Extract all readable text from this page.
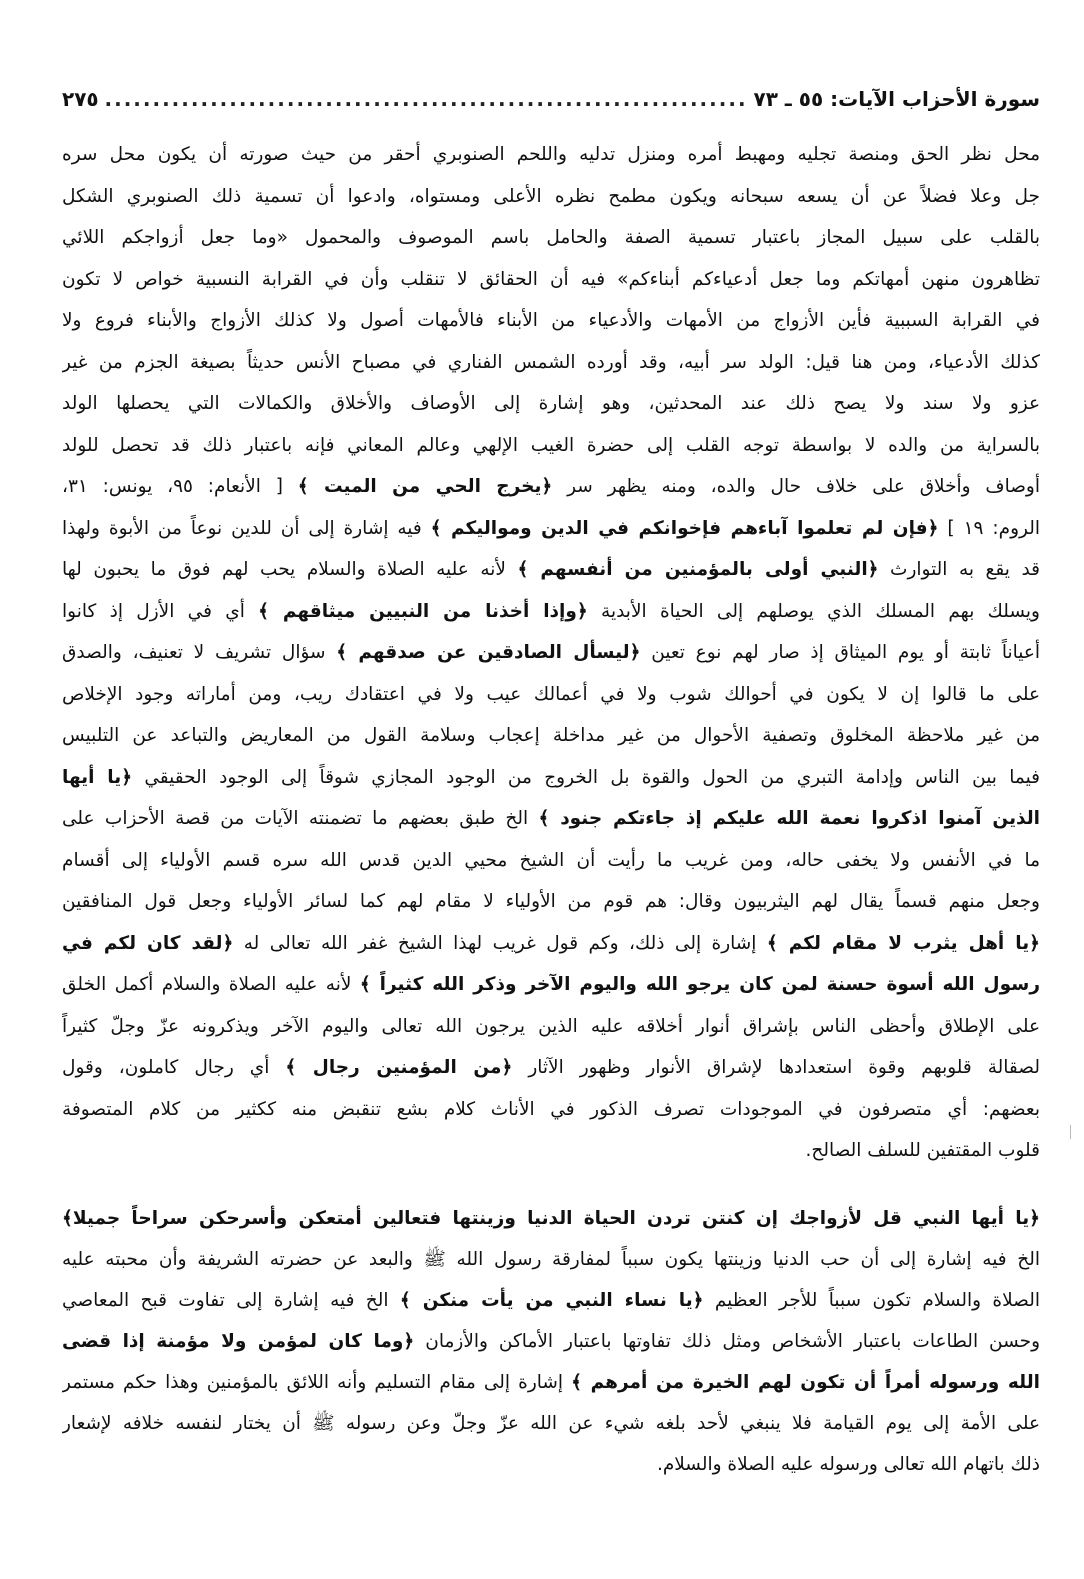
سورة الأحزاب الآيات: ٥٥ ـ ٧٣
.....
٢٧٥
محل نظر الحق ومنصة تجليه ومهبط أمره ومنزل تدليه واللحم الصنوبري أحقر من حيث صورته أن يكون محل سره
جل وعلا فضلاً عن أن يسعه سبحانه ويكون مطمح نظره الأعلى ومستواه، وادعوا أن تسمية ذلك الصنوبري الشكل
بالقلب على سبيل المجاز باعتبار تسمية الصفة والحامل باسم الموصوف والمحمول «وما جعل أزواجكم اللائي
تظاهرون منهن أمهاتكم وما جعل أدعياءكم أبناءكم» فيه أن الحقائق لا تنقلب وأن في القرابة النسبية خواص لا تكون
في القرابة السببية فأين الأزواج من الأمهات والأدعياء من الأبناء فالأمهات أصول ولا كذلك الأزواج والأبناء فروع ولا
كذلك الأدعياء، ومن هنا قيل: الولد سر أبيه، وقد أورده الشمس الفناري في مصباح الأنس حديثاً بصيغة الجزم من غير
عزو ولا سند ولا يصح ذلك عند المحدثين، وهو إشارة إلى الأوصاف والأخلاق والكمالات التي يحصلها الولد
بالسراية من والده لا بواسطة توجه القلب إلى حضرة الغيب الإلهي وعالم المعاني فإنه باعتبار ذلك قد تحصل للولد
أوصاف وأخلاق على خلاف حال والده، ومنه يظهر سر ﴿يخرج الحي من الميت ﴾ [ الأنعام: ٩٥، يونس: ٣١،
الروم: ١٩ ] ﴿فإن لم تعلموا آباءهم فإخوانكم في الدين ومواليكم ﴾ فيه إشارة إلى أن للدين نوعاً من الأبوة ولهذا
قد يقع به التوارث ﴿النبي أولى بالمؤمنين من أنفسهم ﴾ لأنه عليه الصلاة والسلام يحب لهم فوق ما يحبون لها
ويسلك بهم المسلك الذي يوصلهم إلى الحياة الأبدية ﴿وإذا أخذنا من النبيين ميثاقهم ﴾ أي في الأزل إذ كانوا
أعياناً ثابتة أو يوم الميثاق إذ صار لهم نوع تعين ﴿ليسأل الصادقين عن صدقهم ﴾ سؤال تشريف لا تعنيف، والصدق
على ما قالوا إن لا يكون في أحوالك شوب ولا في أعمالك عيب ولا في اعتقادك ريب، ومن أماراته وجود الإخلاص
من غير ملاحظة المخلوق وتصفية الأحوال من غير مداخلة إعجاب وسلامة القول من المعاريض والتباعد عن التلبيس
فيما بين الناس وإدامة التبري من الحول والقوة بل الخروج من الوجود المجازي شوقاً إلى الوجود الحقيقي ﴿يا أيها
الذين آمنوا اذكروا نعمة الله عليكم إذ جاءتكم جنود ﴾ الخ طبق بعضهم ما تضمنته الآيات من قصة الأحزاب على
ما في الأنفس ولا يخفى حاله، ومن غريب ما رأيت أن الشيخ محيي الدين قدس الله سره قسم الأولياء إلى أقسام
وجعل منهم قسماً يقال لهم اليثربيون وقال: هم قوم من الأولياء لا مقام لهم كما لسائر الأولياء وجعل قول المنافقين
﴿يا أهل يثرب لا مقام لكم ﴾ إشارة إلى ذلك، وكم قول غريب لهذا الشيخ غفر الله تعالى له ﴿لقد كان لكم في
رسول الله أسوة حسنة لمن كان يرجو الله واليوم الآخر وذكر الله كثيراً ﴾ لأنه عليه الصلاة والسلام أكمل الخلق
على الإطلاق وأحظى الناس بإشراق أنوار أخلاقه عليه الذين يرجون الله تعالى واليوم الآخر ويذكرونه عزّ وجلّ كثيراً
لصقالة قلوبهم وقوة استعدادها لإشراق الأنوار وظهور الآثار ﴿من المؤمنين رجال ﴾ أي رجال كاملون، وقول
بعضهم: أي متصرفون في الموجودات تصرف الذكور في الأناث كلام بشع تنقبض منه ككثير من كلام المتصوفة
قلوب المقتفين للسلف الصالح.
﴿يا أيها النبي قل لأزواجك إن كنتن تردن الحياة الدنيا وزينتها فتعالين أمتعكن وأسرحكن سراحاً جميلا﴾
الخ فيه إشارة إلى أن حب الدنيا وزينتها يكون سبباً لمفارقة رسول الله ﷺ والبعد عن حضرته الشريفة وأن محبته عليه
الصلاة والسلام تكون سبباً للأجر العظيم ﴿يا نساء النبي من يأت منكن ﴾ الخ فيه إشارة إلى تفاوت قبح المعاصي
وحسن الطاعات باعتبار الأشخاص ومثل ذلك تفاوتها باعتبار الأماكن والأزمان ﴿وما كان لمؤمن ولا مؤمنة إذا قضى
الله ورسوله أمراً أن تكون لهم الخيرة من أمرهم ﴾ إشارة إلى مقام التسليم وأنه اللائق بالمؤمنين وهذا حكم مستمر
على الأمة إلى يوم القيامة فلا ينبغي لأحد بلغه شيء عن الله عزّ وجلّ وعن رسوله ﷺ أن يختار لنفسه خلافه لإشعار
ذلك باتهام الله تعالى ورسوله عليه الصلاة والسلام.
